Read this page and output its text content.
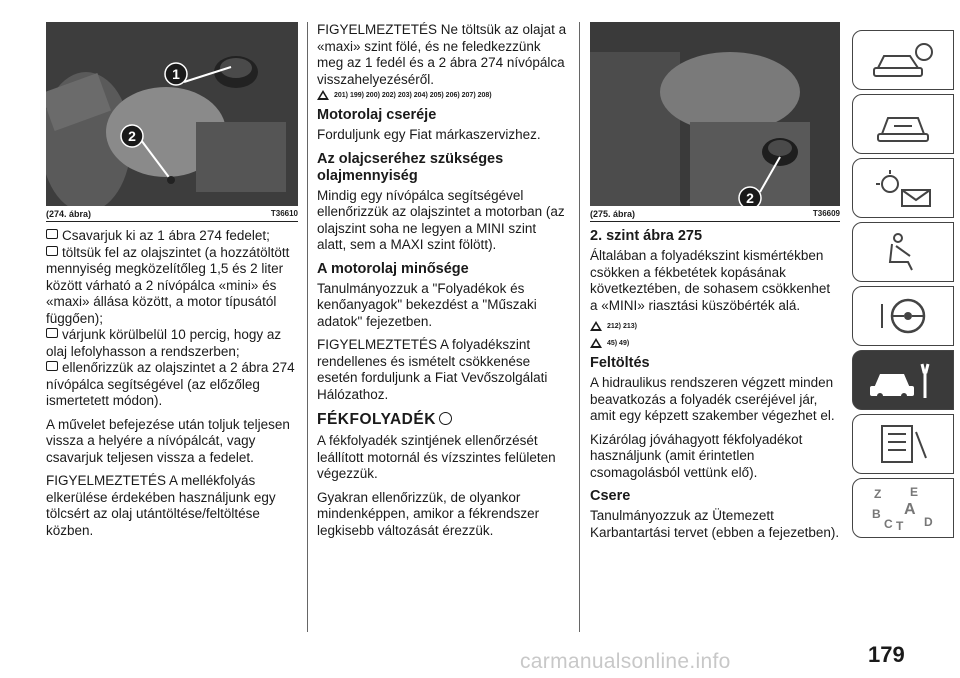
1
2
(274. ábra)	T36610

Csavarjuk ki az 1 ábra 274 fedelet;

töltsük fel az olajszintet (a hozzátöltött mennyiség megközelítőleg 1,5 és 2 liter között várható a 2 nívópálca «mini» és «maxi» állása között, a motor típusától függően);

várjunk körülbelül 10 percig, hogy az olaj lefolyhasson a rendszerben;

ellenőrizzük az olajszintet a 2 ábra 274 nívópálca segítségével (az előzőleg ismertetett módon).

A művelet befejezése után toljuk teljesen vissza a helyére a nívópálcát, vagy csavarjuk teljesen vissza a fedelet.

FIGYELMEZTETÉS A mellékfolyás elkerülése érdekében használjunk egy tölcsért az olaj utántöltése/feltöltése közben.

FIGYELMEZTETÉS Ne töltsük az olajat a «maxi» szint fölé, és ne feledkezzünk meg az 1 fedél és a 2 ábra 274 nívópálca visszahelyezéséről.

201) 199) 200) 202) 203) 204) 205) 206) 207) 208)
Motorolaj cseréje

Forduljunk egy Fiat márkaszervizhez.

Az olajcseréhez szükséges olajmennyiség

Mindig egy nívópálca segítségével ellenőrizzük az olajszintet a motorban (az olajszint soha ne legyen a MINI szint alatt, sem a MAXI szint fölött).

A motorolaj minősége

Tanulmányozzuk a "Folyadékok és kenőanyagok" bekezdést a "Műszaki adatok" fejezetben.

FIGYELMEZTETÉS A folyadékszint rendellenes és ismételt csökkenése esetén forduljunk a Fiat Vevőszolgálati Hálózathoz.

FÉKFOLYADÉK

A fékfolyadék szintjének ellenőrzését leállított motornál és vízszintes felületen végezzük.

Gyakran ellenőrizzük, de olyankor mindenképpen, amikor a fékrendszer legkisebb változását érezzük.

2
(275. ábra)	T36609
2. szint ábra 275

Általában a folyadékszint kismértékben csökken a fékbetétek kopásának következtében, de sohasem csökkenhet a «MINI» riasztási küszöbérték alá.

212) 213)
45) 49)
Feltöltés

A hidraulikus rendszeren végzett minden beavatkozás a folyadék cseréjével jár, amit egy képzett szakember végezhet el.

Kizárólag jóváhagyott fékfolyadékot használjunk (amit érintetlen csomagolásból vettünk elő).

Csere

Tanulmányozzuk az Ütemezett Karbantartási tervet (ebben a fejezetben).

Z E
A
B
C T D
carmanualsonline.info	179
